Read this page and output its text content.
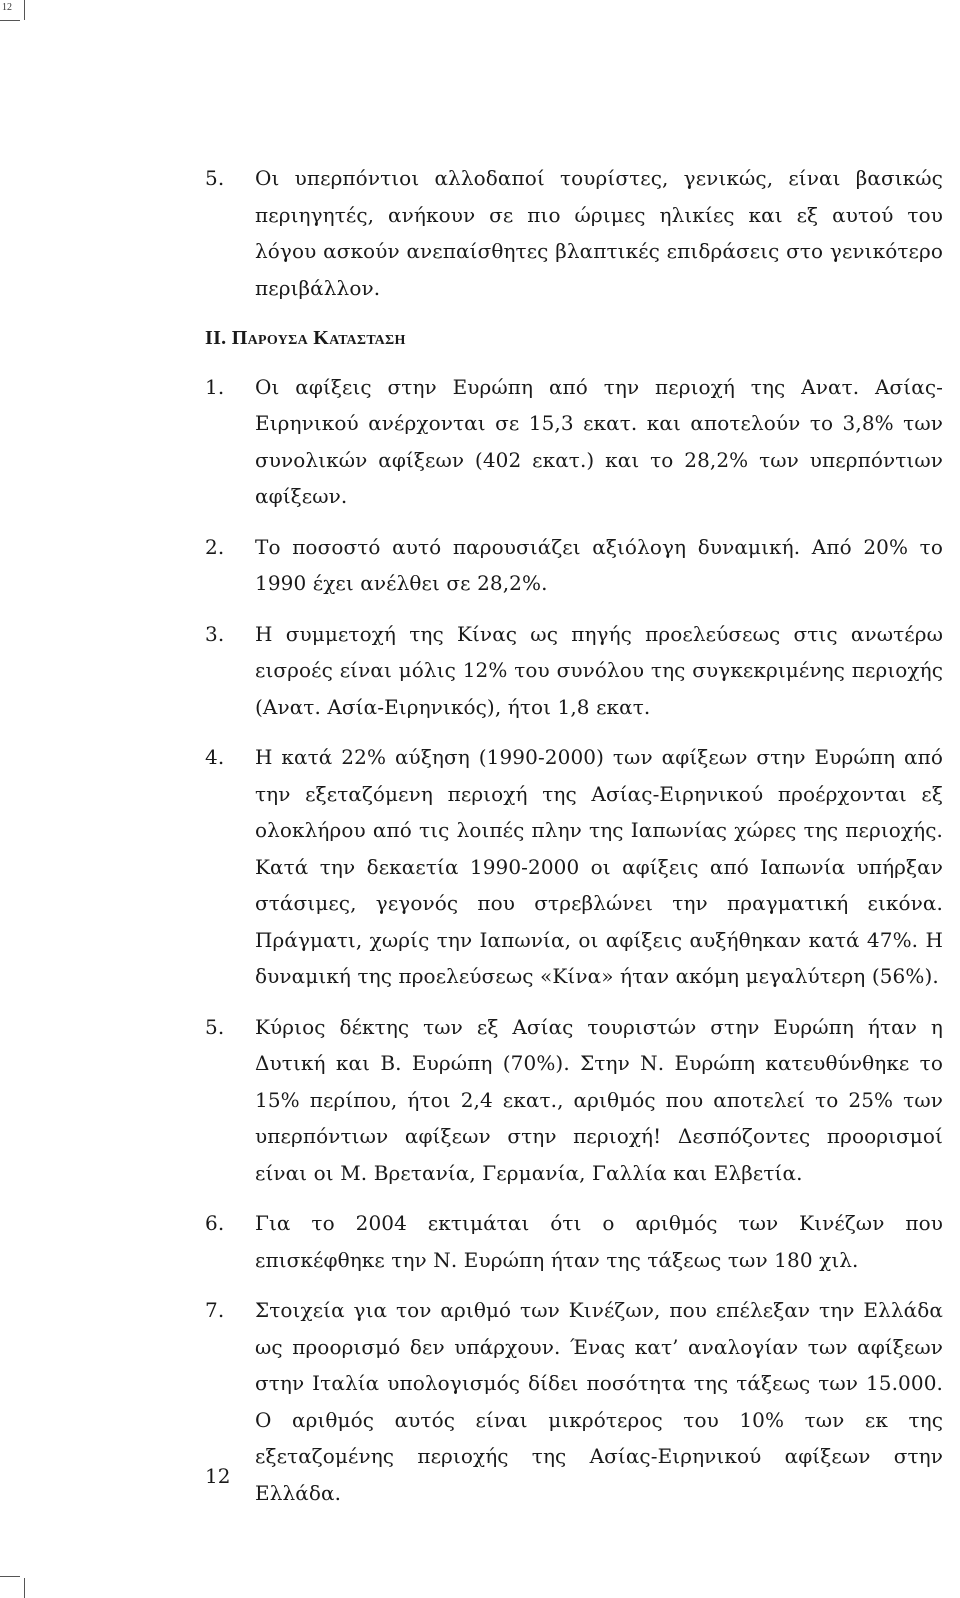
12
5.	Οι υπερπόντιοι αλλοδαποί τουρίστες, γενικώς, είναι βασικώς περιηγητές, ανήκουν σε πιο ώριμες ηλικίες και εξ αυτού του λόγου ασκούν ανεπαίσθητες βλαπτικές επιδράσεις στο γενικότερο περιβάλλον.
ΙΙ. Παρουσα Κατασταση
1.	Οι αφίξεις στην Ευρώπη από την περιοχή της Ανατ. Ασίας-Ειρηνικού ανέρχονται σε 15,3 εκατ. και αποτελούν το 3,8% των συνολικών αφίξεων (402 εκατ.) και το 28,2% των υπερπόντιων αφίξεων.
2.	Το ποσοστό αυτό παρουσιάζει αξιόλογη δυναμική. Από 20% το 1990 έχει ανέλθει σε 28,2%.
3.	Η συμμετοχή της Κίνας ως πηγής προελεύσεως στις ανωτέρω εισροές είναι μόλις 12% του συνόλου της συγκεκριμένης περιοχής (Ανατ. Ασία-Ειρηνικός), ήτοι 1,8 εκατ.
4.	Η κατά 22% αύξηση (1990-2000) των αφίξεων στην Ευρώπη από την εξεταζόμενη περιοχή της Ασίας-Ειρηνικού προέρχονται εξ ολοκλήρου από τις λοιπές πλην της Ιαπωνίας χώρες της περιοχής. Κατά την δεκαετία 1990-2000 οι αφίξεις από Ιαπωνία υπήρξαν στάσιμες, γεγονός που στρεβλώνει την πραγματική εικόνα. Πράγματι, χωρίς την Ιαπωνία, οι αφίξεις αυξήθηκαν κατά 47%. Η δυναμική της προελεύσεως «Κίνα» ήταν ακόμη μεγαλύτερη (56%).
5.	Κύριος δέκτης των εξ Ασίας τουριστών στην Ευρώπη ήταν η Δυτική και Β. Ευρώπη (70%). Στην Ν. Ευρώπη κατευθύνθηκε το 15% περίπου, ήτοι 2,4 εκατ., αριθμός που αποτελεί το 25% των υπερπόντιων αφίξεων στην περιοχή! Δεσπόζοντες προορισμοί είναι οι Μ. Βρετανία, Γερμανία, Γαλλία και Ελβετία.
6.	Για το 2004 εκτιμάται ότι ο αριθμός των Κινέζων που επισκέφθηκε την Ν. Ευρώπη ήταν της τάξεως των 180 χιλ.
7.	Στοιχεία για τον αριθμό των Κινέζων, που επέλεξαν την Ελλάδα ως προορισμό δεν υπάρχουν. Ένας κατ’ αναλογίαν των αφίξεων στην Ιταλία υπολογισμός δίδει ποσότητα της τάξεως των 15.000. Ο αριθμός αυτός είναι μικρότερος του 10% των εκ της εξεταζομένης περιοχής της Ασίας-Ειρηνικού αφίξεων στην Ελλάδα.
12
